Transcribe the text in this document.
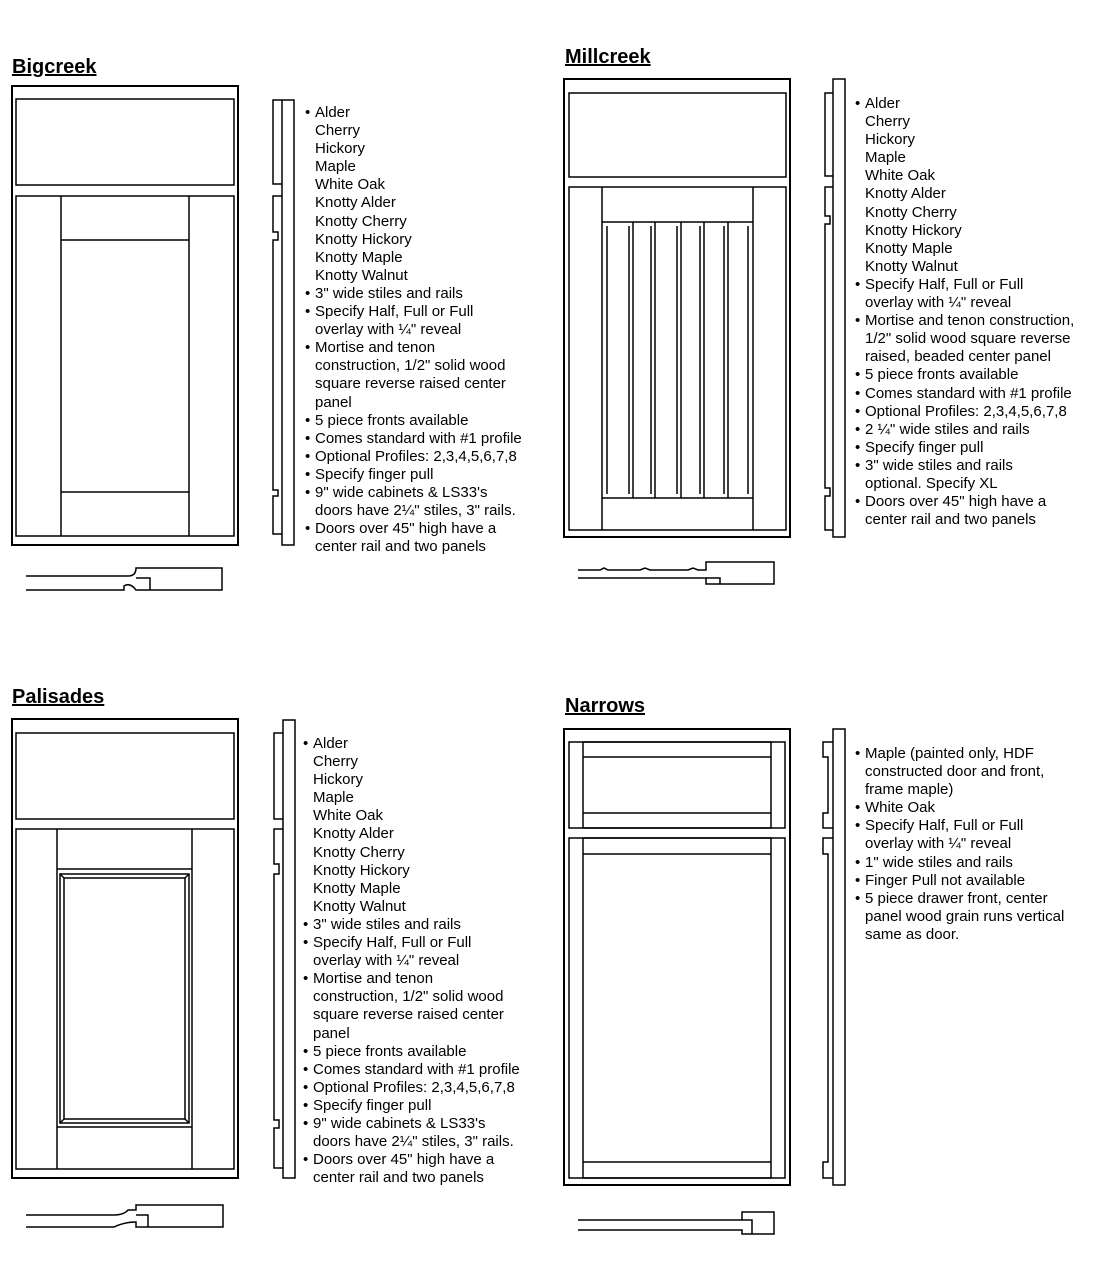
Bigcreek	Millcreek
Palisades	Narrows
• Alder
Cherry
Hickory
Maple
White Oak
Knotty Alder
Knotty Cherry
Knotty Hickory
Knotty Maple
Knotty Walnut
• 3" wide stiles and rails
• Specify Half, Full or Full
overlay with ¼" reveal
• Mortise and tenon
construction, 1/2" solid wood
square reverse raised center
panel
• 5 piece fronts available
• Comes standard with #1 profile
• Optional Profiles: 2,3,4,5,6,7,8
• Specify finger pull
• 9" wide cabinets & LS33's
doors have 2¼" stiles, 3" rails.
• Doors over 45" high have a
center rail and two panels
• Alder
Cherry
Hickory
Maple
White Oak
Knotty Alder
Knotty Cherry
Knotty Hickory
Knotty Maple
Knotty Walnut
• Specify Half, Full or Full
overlay with ¼" reveal
• Mortise and tenon construction,
1/2" solid wood square reverse
raised, beaded center panel
• 5 piece fronts available
• Comes standard with #1 profile
• Optional Profiles: 2,3,4,5,6,7,8
• 2 ¼" wide stiles and rails
• Specify finger pull
• 3" wide stiles and rails
optional. Specify XL
• Doors over 45" high have a
center rail and two panels
• Alder
Cherry
Hickory
Maple
White Oak
Knotty Alder
Knotty Cherry
Knotty Hickory
Knotty Maple
Knotty Walnut
• 3" wide stiles and rails
• Specify Half, Full or Full
overlay with ¼" reveal
• Mortise and tenon
construction, 1/2" solid wood
square reverse raised center
panel
• 5 piece fronts available
• Comes standard with #1 profile
• Optional Profiles: 2,3,4,5,6,7,8
• Specify finger pull
• 9" wide cabinets & LS33's
doors have 2¼" stiles, 3" rails.
• Doors over 45" high have a
center rail and two panels
• Maple (painted only, HDF
constructed door and front,
frame maple)
• White Oak
• Specify Half, Full or Full
overlay with ¼" reveal
• 1" wide stiles and rails
• Finger Pull not available
• 5 piece drawer front, center
panel wood grain runs vertical
same as door.
